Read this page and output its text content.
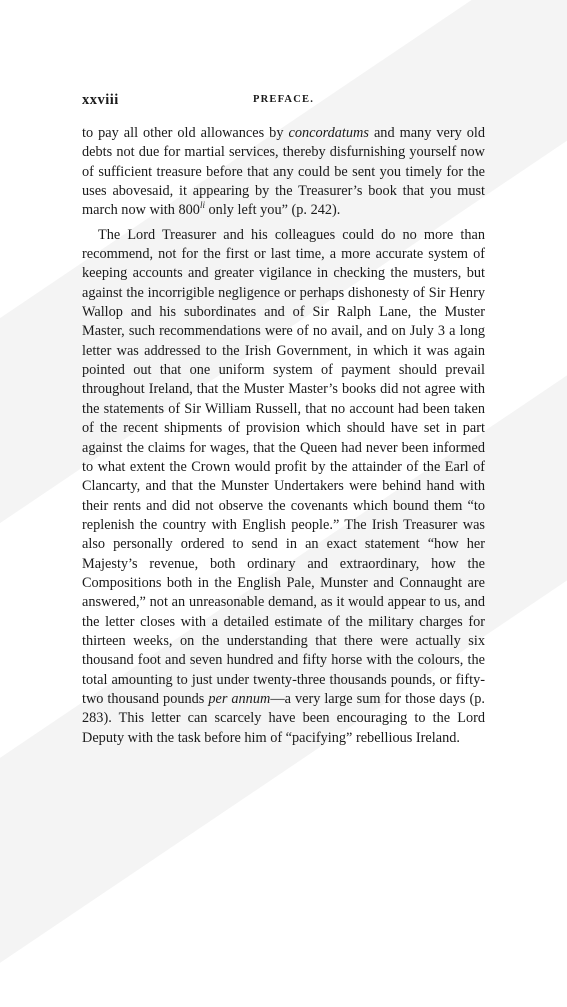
xxviii	PREFACE.

to pay all other old allowances by concordatums and many very old debts not due for martial services, thereby disfurnishing yourself now of sufficient treasure before that any could be sent you timely for the uses abovesaid, it appearing by the Treasurer’s book that you must march now with $800^{li}$ only left you” (p. 242).

The Lord Treasurer and his colleagues could do no more than recommend, not for the first or last time, a more accurate system of keeping accounts and greater vigilance in checking the musters, but against the incorrigible negligence or perhaps dishonesty of Sir Henry Wallop and his subordinates and of Sir Ralph Lane, the Muster Master, such recommendations were of no avail, and on July 3 a long letter was addressed to the Irish Government, in which it was again pointed out that one uniform system of payment should prevail throughout Ireland, that the Muster Master’s books did not agree with the statements of Sir William Russell, that no account had been taken of the recent shipments of provision which should have set in part against the claims for wages, that the Queen had never been informed to what extent the Crown would profit by the attainder of the Earl of Clancarty, and that the Munster Undertakers were behind hand with their rents and did not observe the covenants which bound them “to replenish the country with English people.” The Irish Treasurer was also personally ordered to send in an exact statement “how her Majesty’s revenue, both ordinary and extraordinary, how the Compositions both in the English Pale, Munster and Connaught are answered,” not an unreasonable demand, as it would appear to us, and the letter closes with a detailed estimate of the military charges for thirteen weeks, on the understanding that there were actually six thousand foot and seven hundred and fifty horse with the colours, the total amounting to just under twenty-three thousands pounds, or fifty-two thousand pounds per annum—a very large sum for those days (p. 283). This letter can scarcely have been encouraging to the Lord Deputy with the task before him of “pacifying” rebellious Ireland.
